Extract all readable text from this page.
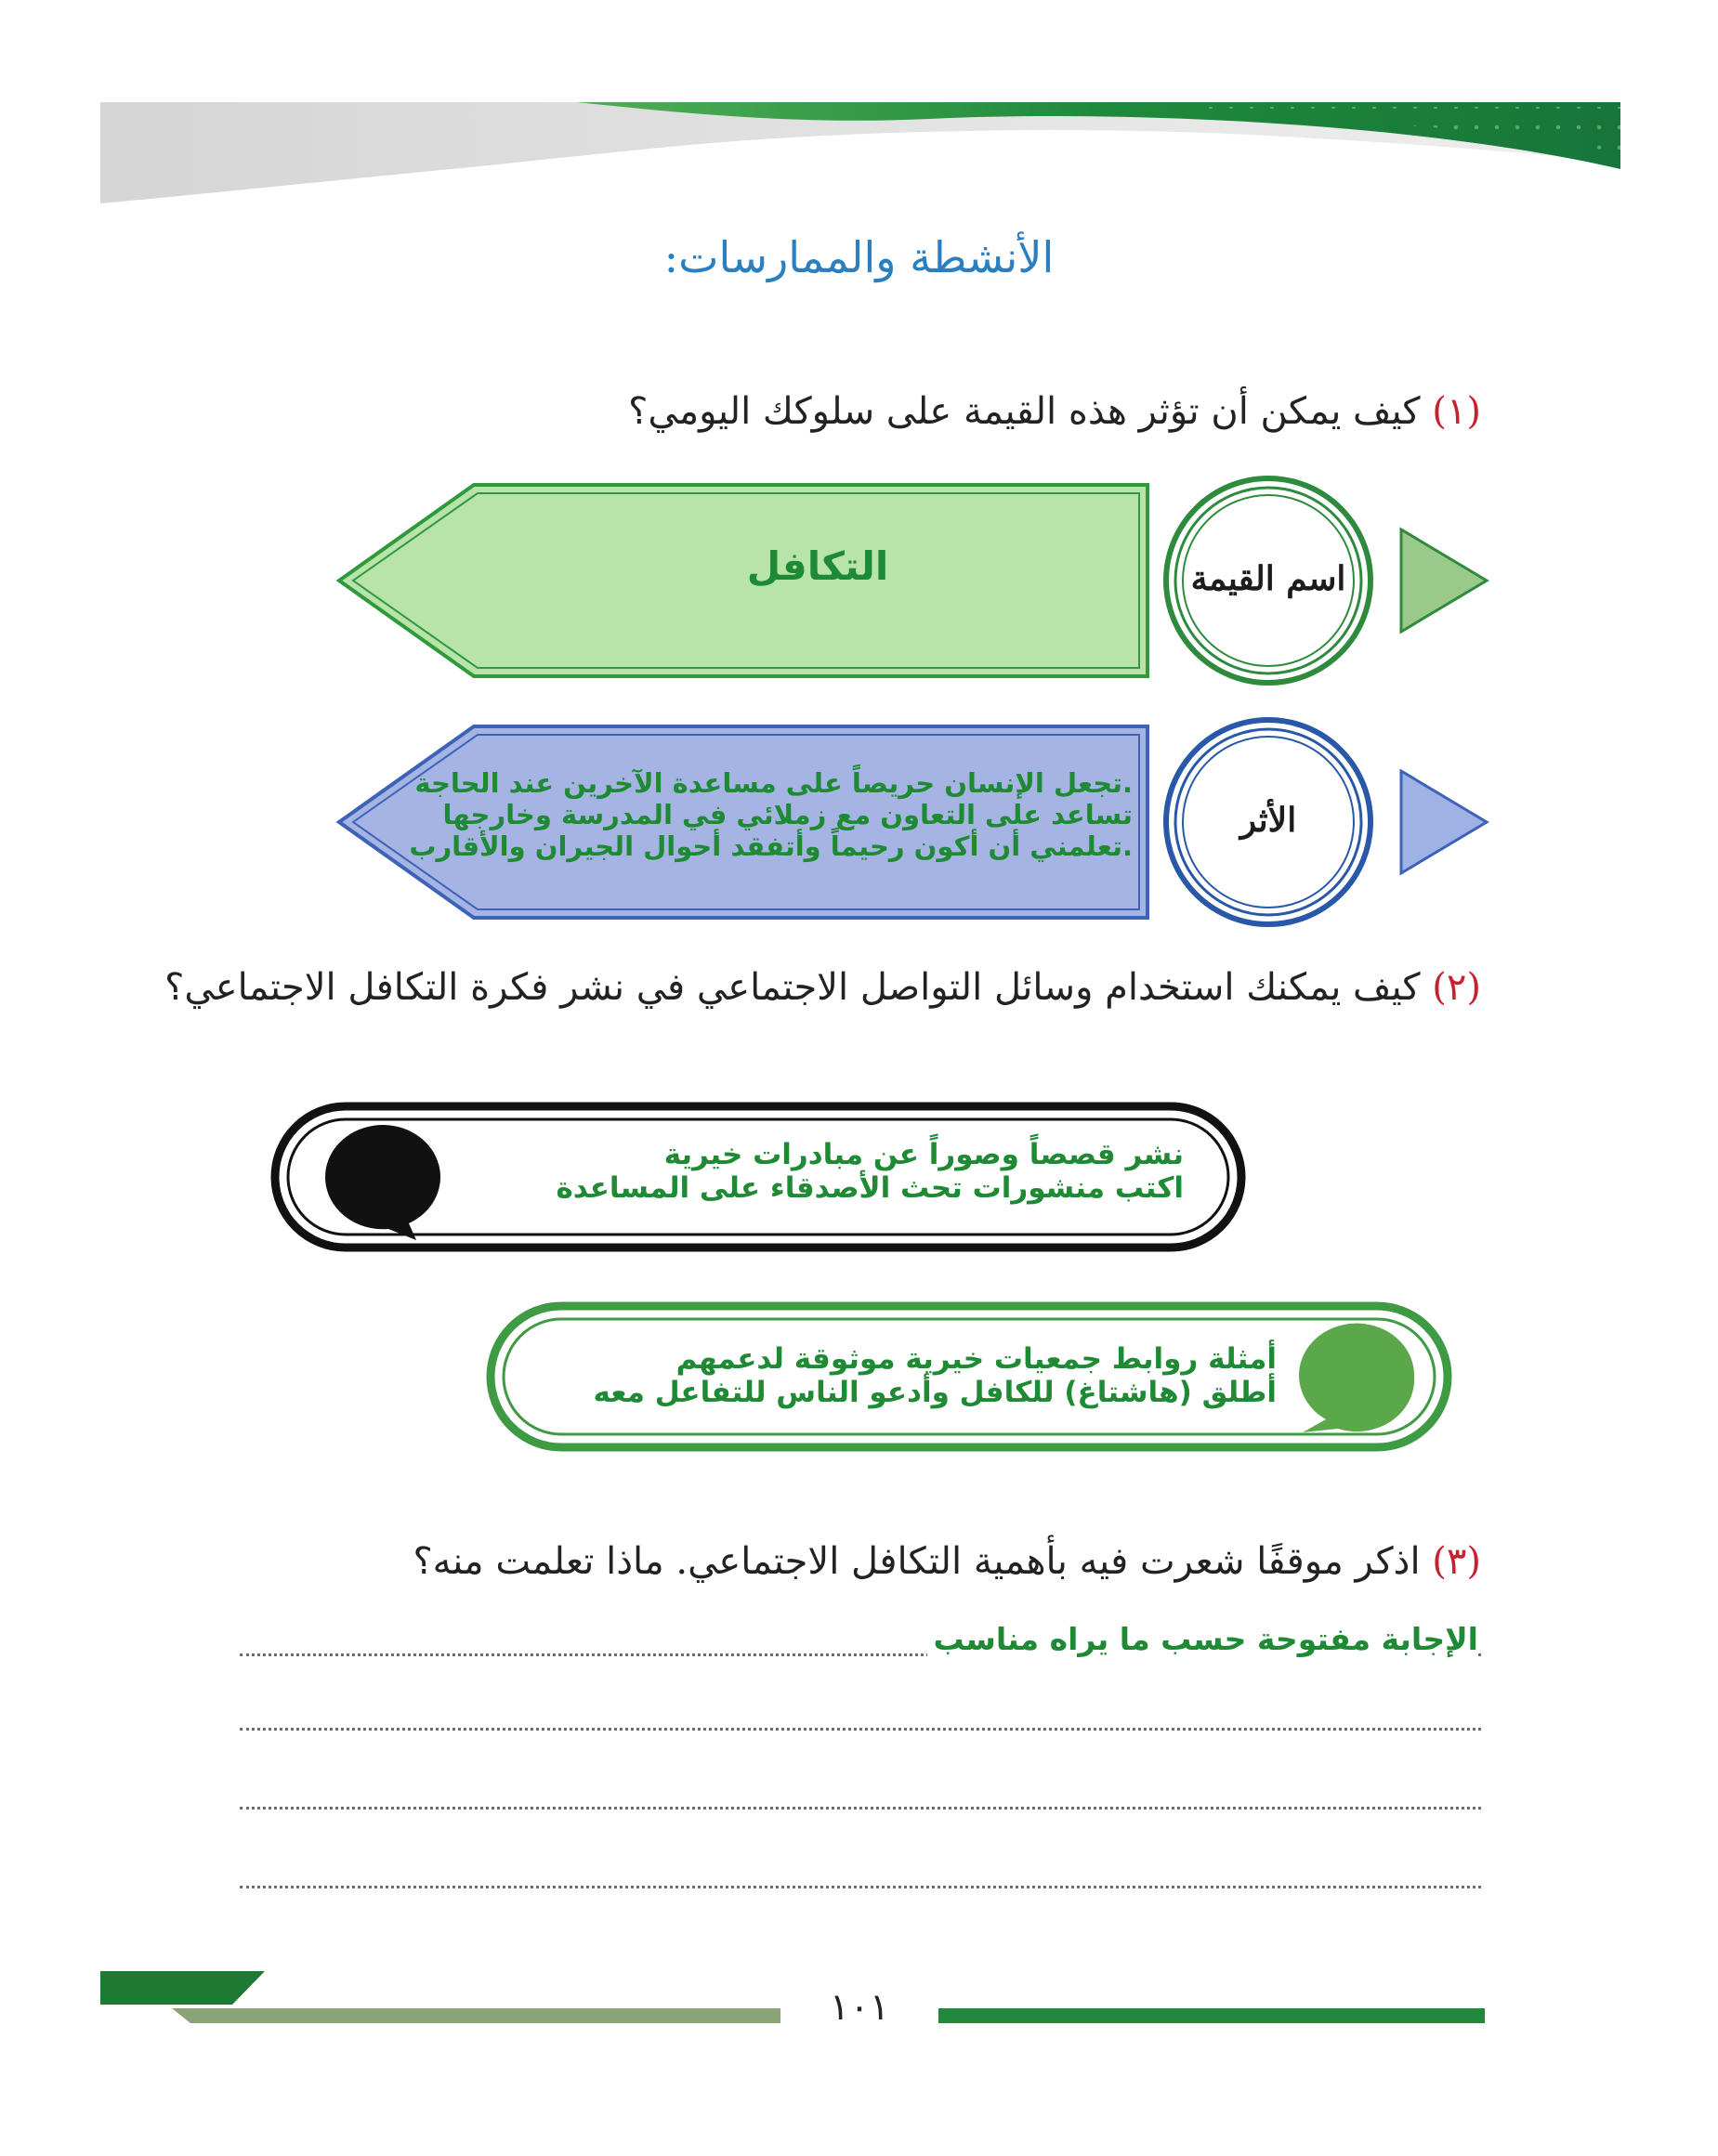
الأنشطة والممارسات:
(١) كيف يمكن أن تؤثر هذه القيمة على سلوكك اليومي؟
التكافل	اسم القيمة
.تجعل الإنسان حريصاً على مساعدة الآخرين عند الحاجة
تساعد على التعاون مع زملائي في المدرسة وخارجها
.تعلمني أن أكون رحيماً وأتفقد أحوال الجيران والأقارب
الأثر
(٢) كيف يمكنك استخدام وسائل التواصل الاجتماعي في نشر فكرة التكافل الاجتماعي؟
نشر قصصاً وصوراً عن مبادرات خيرية
اكتب منشورات تحث الأصدقاء على المساعدة
أمثلة روابط جمعيات خيرية موثوقة لدعمهم
أطلق (هاشتاغ) للكافل وأدعو الناس للتفاعل معه
(٣) اذكر موقفًا شعرت فيه بأهمية التكافل الاجتماعي. ماذا تعلمت منه؟
الإجابة مفتوحة حسب ما يراه مناسب
١٠١
